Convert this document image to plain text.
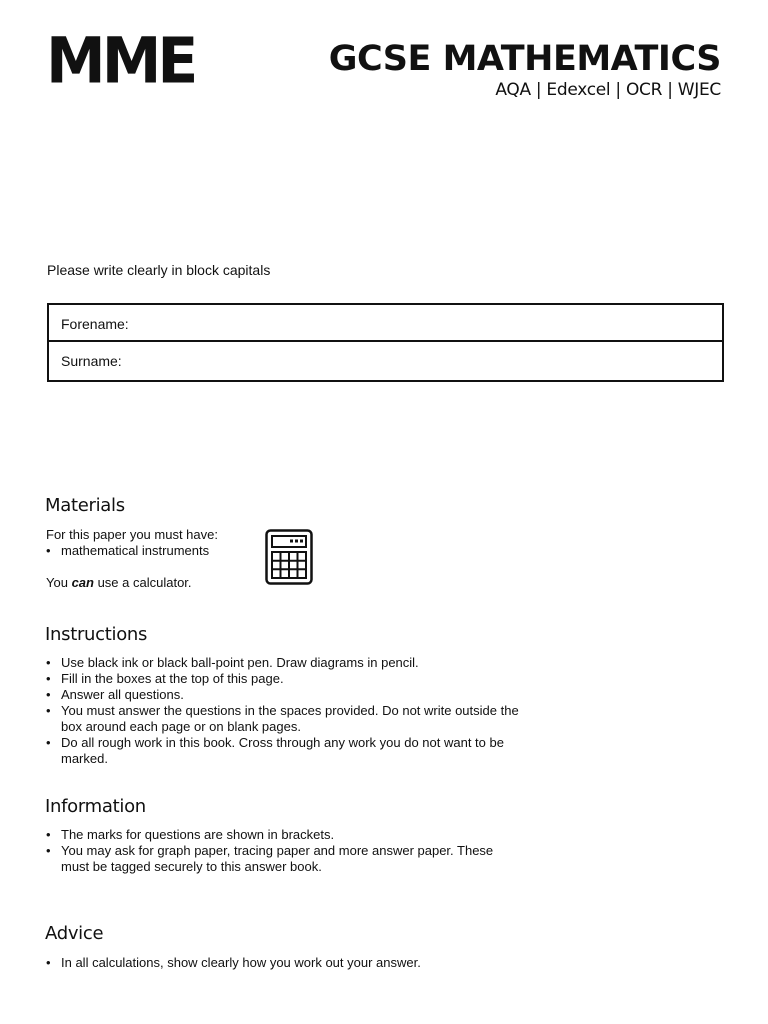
MME	GCSE MATHEMATICS
AQA | Edexcel | OCR | WJEC
Please write clearly in block capitals
Forename:
Surname:
Materials
For this paper you must have:
• mathematical instruments
You can use a calculator.
Instructions
• Use black ink or black ball-point pen. Draw diagrams in pencil.
• Fill in the boxes at the top of this page.
• Answer all questions.
• You must answer the questions in the spaces provided. Do not write outside the box around each page or on blank pages.
• Do all rough work in this book. Cross through any work you do not want to be marked.
Information
• The marks for questions are shown in brackets.
• You may ask for graph paper, tracing paper and more answer paper. These must be tagged securely to this answer book.
Advice
• In all calculations, show clearly how you work out your answer.
